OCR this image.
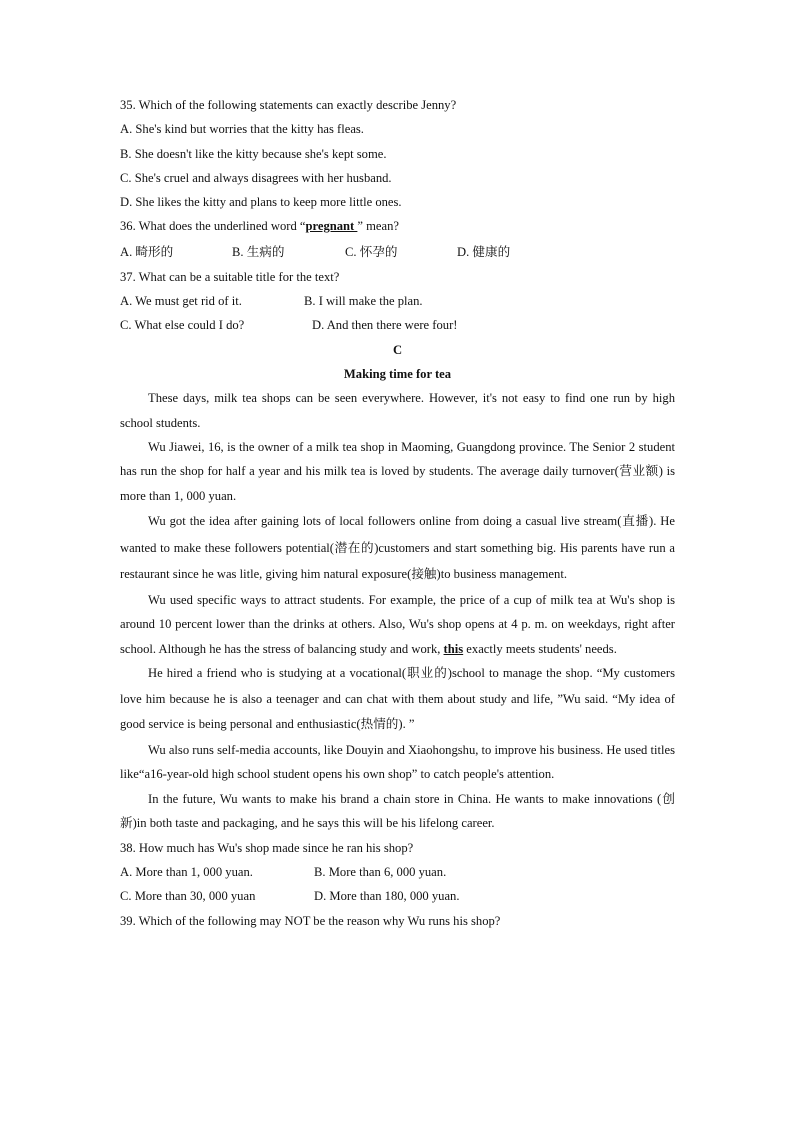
35. Which of the following statements can exactly describe Jenny?
A. She's kind but worries that the kitty has fleas.
B. She doesn't like the kitty because she's kept some.
C. She's cruel and always disagrees with her husband.
D. She likes the kitty and plans to keep more little ones.
36. What does the underlined word “pregnant ” mean?
A. 畸形的	B. 生病的	C. 怀孕的	D. 健康的
37. What can be a suitable title for the text?
A. We must get rid of it.	B. I will make the plan.
C. What else could I do?	D. And then there were four!
C
Making time for tea

These days, milk tea shops can be seen everywhere. However, it's not easy to find one run by high school students.

Wu Jiawei, 16, is the owner of a milk tea shop in Maoming, Guangdong province. The Senior 2 student has run the shop for half a year and his milk tea is loved by students. The average daily turnover(营业额) is more than 1, 000 yuan.

Wu got the idea after gaining lots of local followers online from doing a casual live stream(直播). He wanted to make these followers potential(潜在的)customers and start something big. His parents have run a restaurant since he was litle, giving him natural exposure(接触)to business management.

Wu used specific ways to attract students. For example, the price of a cup of milk tea at Wu's shop is around 10 percent lower than the drinks at others. Also, Wu's shop opens at 4 p. m. on weekdays, right after school. Although he has the stress of balancing study and work, this exactly meets students' needs.

He hired a friend who is studying at a vocational(职业的)school to manage the shop. “My customers love him because he is also a teenager and can chat with them about study and life, ”Wu said. “My idea of good service is being personal and enthusiastic(热情的). ”

Wu also runs self-media accounts, like Douyin and Xiaohongshu, to improve his business. He used titles like“a16-year-old high school student opens his own shop” to catch people's attention.

In the future, Wu wants to make his brand a chain store in China. He wants to make innovations (创新)in both taste and packaging, and he says this will be his lifelong career.

38. How much has Wu's shop made since he ran his shop?
A. More than 1, 000 yuan.	B. More than 6, 000 yuan.
C. More than 30, 000 yuan	D. More than 180, 000 yuan.
39. Which of the following may NOT be the reason why Wu runs his shop?
